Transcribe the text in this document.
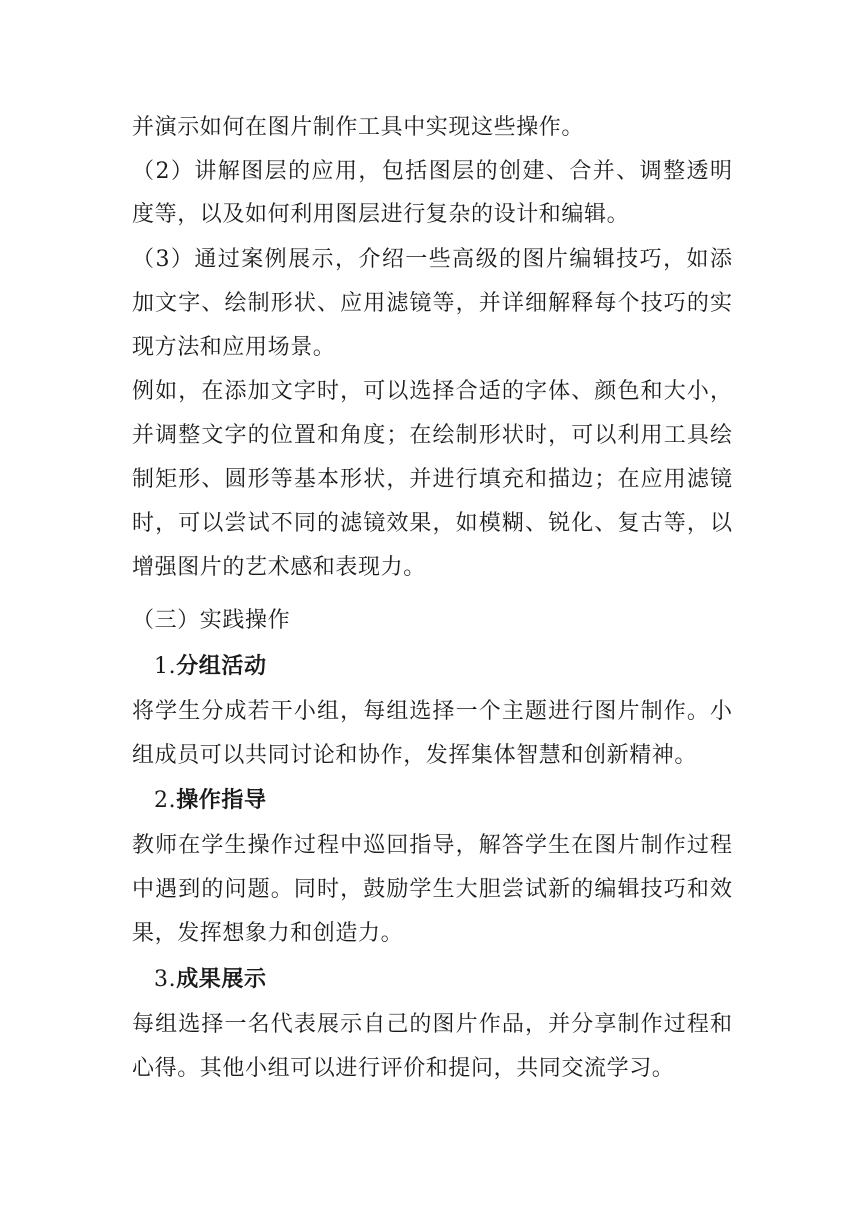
并演示如何在图片制作工具中实现这些操作。
（2）讲解图层的应用，包括图层的创建、合并、调整透明
度等，以及如何利用图层进行复杂的设计和编辑。
（3）通过案例展示，介绍一些高级的图片编辑技巧，如添
加文字、绘制形状、应用滤镜等，并详细解释每个技巧的实
现方法和应用场景。
例如，在添加文字时，可以选择合适的字体、颜色和大小，
并调整文字的位置和角度；在绘制形状时，可以利用工具绘
制矩形、圆形等基本形状，并进行填充和描边；在应用滤镜
时，可以尝试不同的滤镜效果，如模糊、锐化、复古等，以
增强图片的艺术感和表现力。
（三）实践操作
1.分组活动
将学生分成若干小组，每组选择一个主题进行图片制作。小
组成员可以共同讨论和协作，发挥集体智慧和创新精神。
2.操作指导
教师在学生操作过程中巡回指导，解答学生在图片制作过程
中遇到的问题。同时，鼓励学生大胆尝试新的编辑技巧和效
果，发挥想象力和创造力。
3.成果展示
每组选择一名代表展示自己的图片作品，并分享制作过程和
心得。其他小组可以进行评价和提问，共同交流学习。
